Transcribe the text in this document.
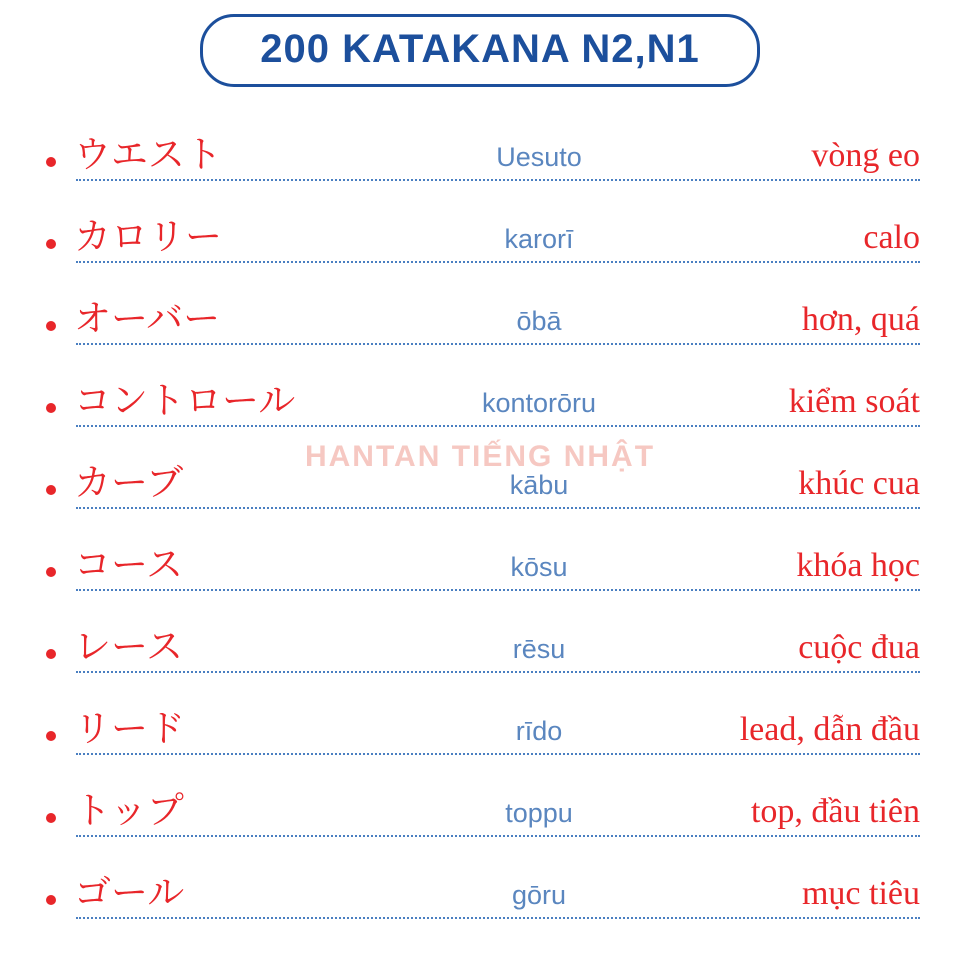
200 KATAKANA N2,N1
HANTAN TIẾNG NHẬT
ウエスト	Uesuto	vòng eo
カロリー	karorī	calo
オーバー	ōbā	hơn, quá
コントロール	kontorōru	kiểm soát
カーブ	kābu	khúc cua
コース	kōsu	khóa học
レース	rēsu	cuộc đua
リード	rīdo	lead, dẫn đầu
トップ	toppu	top, đầu tiên
ゴール	gōru	mục tiêu
